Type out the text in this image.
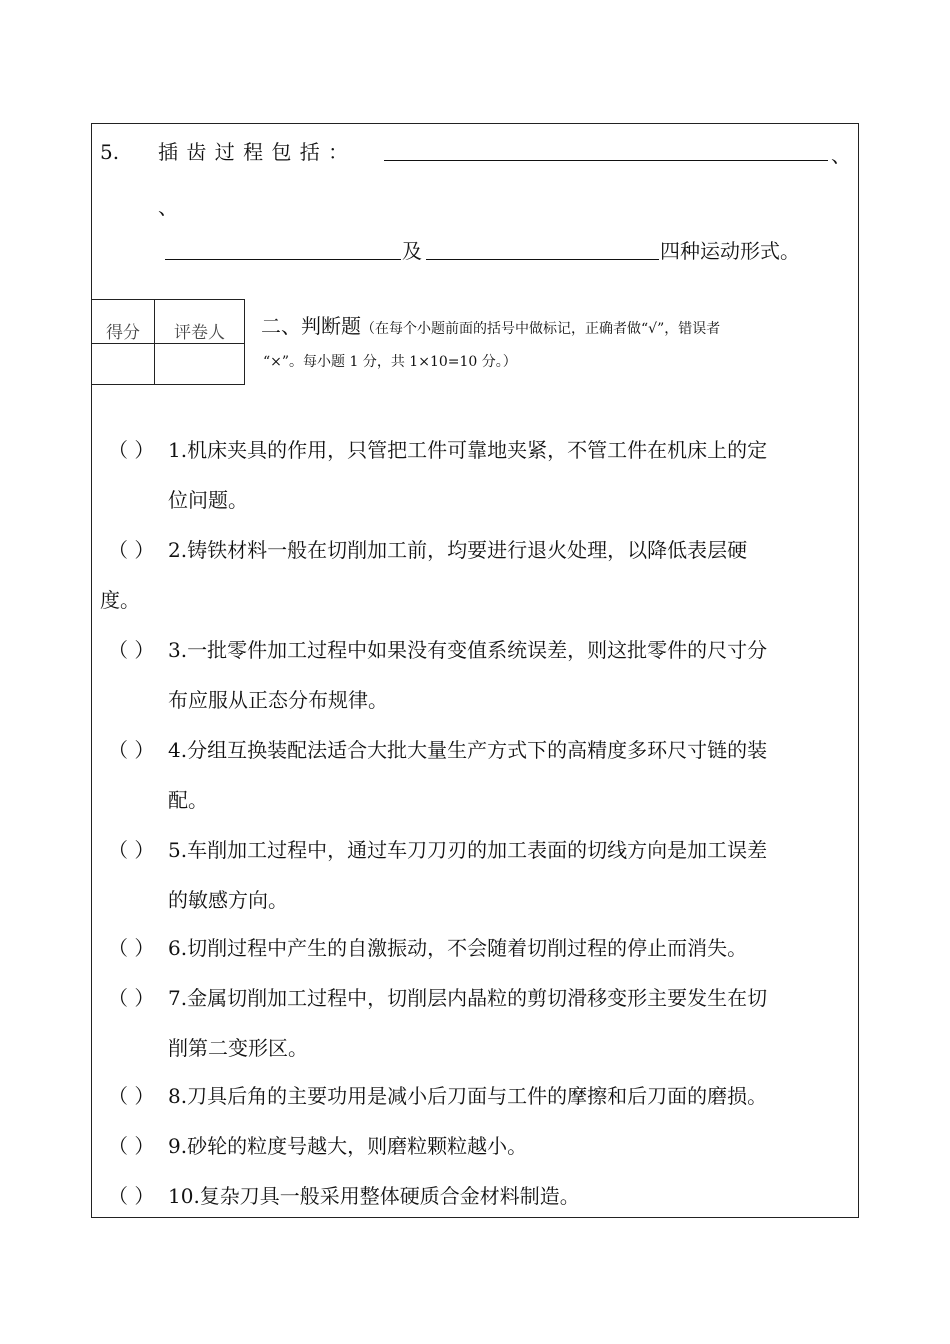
5. 插 齿 过 程 包 括 ：	、
、
及	四种运动形式。
得分	评卷人
	二、判断题（在每个小题前面的括号中做标记，正确者做“√”，错误者
“×”。每小题 1 分，共 1×10=10 分。）
（ ） 1.机床夹具的作用，只管把工件可靠地夹紧，不管工件在机床上的定
位问题。
（ ） 2.铸铁材料一般在切削加工前，均要进行退火处理，以降低表层硬
度。
（ ） 3.一批零件加工过程中如果没有变值系统误差，则这批零件的尺寸分
布应服从正态分布规律。
（ ） 4.分组互换装配法适合大批大量生产方式下的高精度多环尺寸链的装
配。
（ ） 5.车削加工过程中，通过车刀刀刃的加工表面的切线方向是加工误差
的敏感方向。
（ ） 6.切削过程中产生的自激振动，不会随着切削过程的停止而消失。
（ ） 7.金属切削加工过程中，切削层内晶粒的剪切滑移变形主要发生在切
削第二变形区。
（ ） 8.刀具后角的主要功用是减小后刀面与工件的摩擦和后刀面的磨损。
（ ） 9.砂轮的粒度号越大，则磨粒颗粒越小。
（ ） 10.复杂刀具一般采用整体硬质合金材料制造。
